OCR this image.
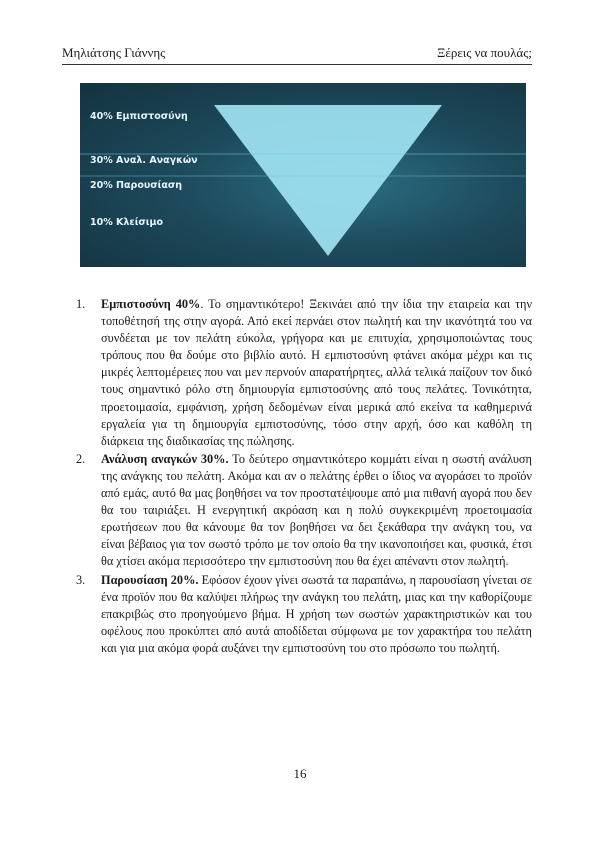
Μηλιάτσης Γιάννης	Ξέρεις να πουλάς;
40% Εμπιστοσύνη
30% Αναλ. Αναγκών
20% Παρουσίαση
10% Κλείσιμο
1. Εμπιστοσύνη 40%. Το σημαντικότερο! Ξεκινάει από την ίδια την εταιρεία και την τοποθέτησή της στην αγορά. Από εκεί περνάει στον πωλητή και την ικανότητά του να συνδέεται με τον πελάτη εύκολα, γρήγορα και με επιτυχία, χρησιμοποιώντας τους τρόπους που θα δούμε στο βιβλίο αυτό. Η εμπιστοσύνη φτάνει ακόμα μέχρι και τις μικρές λεπτομέρειες που ναι μεν περνούν απαρατήρητες, αλλά τελικά παίζουν τον δικό τους σημαντικό ρόλο στη δημιουργία εμπιστοσύνης από τους πελάτες. Τονικότητα, προετοιμασία, εμφάνιση, χρήση δεδομένων είναι μερικά από εκείνα τα καθημερινά εργαλεία για τη δημιουργία εμπιστοσύνης, τόσο στην αρχή, όσο και καθόλη τη διάρκεια της διαδικασίας της πώλησης.
2. Ανάλυση αναγκών 30%. Το δεύτερο σημαντικότερο κομμάτι είναι η σωστή ανάλυση της ανάγκης του πελάτη. Ακόμα και αν ο πελάτης έρθει ο ίδιος να αγοράσει το προϊόν από εμάς, αυτό θα μας βοηθήσει να τον προστατέψουμε από μια πιθανή αγορά που δεν θα του ταιριάξει. Η ενεργητική ακρόαση και η πολύ συγκεκριμένη προετοιμασία ερωτήσεων που θα κάνουμε θα τον βοηθήσει να δει ξεκάθαρα την ανάγκη του, να είναι βέβαιος για τον σωστό τρόπο με τον οποίο θα την ικανοποιήσει και, φυσικά, έτσι θα χτίσει ακόμα περισσότερο την εμπιστοσύνη που θα έχει απέναντι στον πωλητή.
3. Παρουσίαση 20%. Εφόσον έχουν γίνει σωστά τα παραπάνω, η παρουσίαση γίνεται σε ένα προϊόν που θα καλύψει πλήρως την ανάγκη του πελάτη, μιας και την καθορίζουμε επακριβώς στο προηγούμενο βήμα. Η χρήση των σωστών χαρακτηριστικών και του οφέλους που προκύπτει από αυτά αποδίδεται σύμφωνα με τον χαρακτήρα του πελάτη και για μια ακόμα φορά αυξάνει την εμπιστοσύνη του στο πρόσωπο του πωλητή.
16
